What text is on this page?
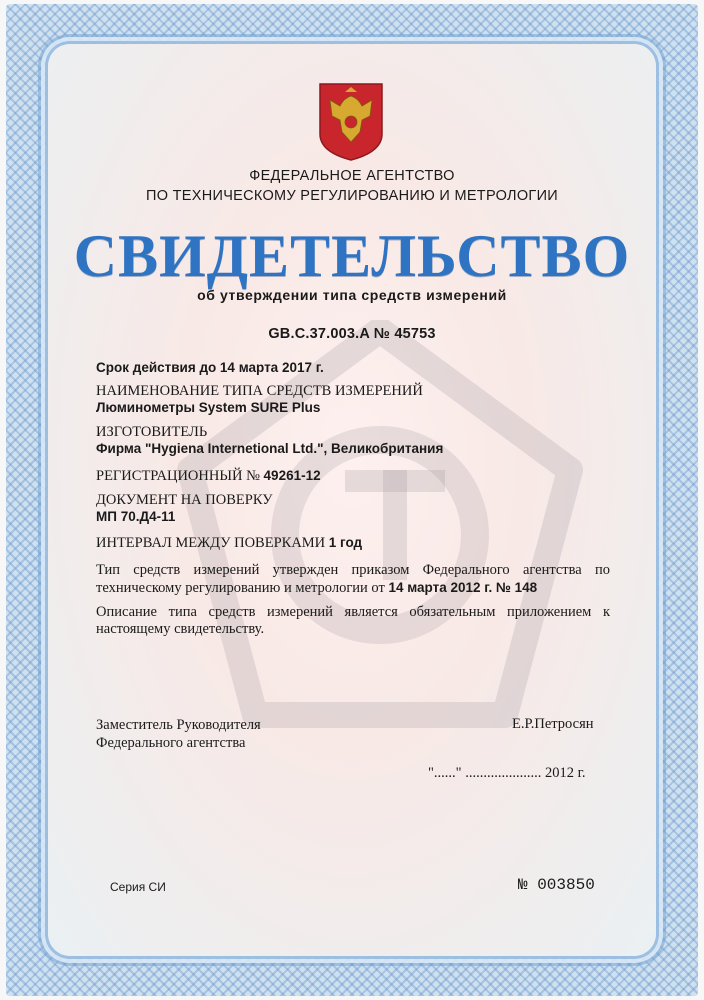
ФЕДЕРАЛЬНОЕ АГЕНТСТВО
ПО ТЕХНИЧЕСКОМУ РЕГУЛИРОВАНИЮ И МЕТРОЛОГИИ
СВИДЕТЕЛЬСТВО
об утверждении типа средств измерений
GB.C.37.003.A № 45753
Срок действия до 14 марта 2017 г.
НАИМЕНОВАНИЕ ТИПА СРЕДСТВ ИЗМЕРЕНИЙ
Люминометры System SURE Plus
ИЗГОТОВИТЕЛЬ
Фирма "Hygiena Internetional Ltd.", Великобритания
РЕГИСТРАЦИОННЫЙ № 49261-12
ДОКУМЕНТ НА ПОВЕРКУ
МП 70.Д4-11
ИНТЕРВАЛ МЕЖДУ ПОВЕРКАМИ 1 год
Тип средств измерений утвержден приказом Федерального агентства по техническому регулированию и метрологии от 14 марта 2012 г. № 148
Описание типа средств измерений является обязательным приложением к настоящему свидетельству.
Заместитель Руководителя
Федерального агентства
Е.Р.Петросян
"......" ..................... 2012 г.
Серия СИ	№ 003850
